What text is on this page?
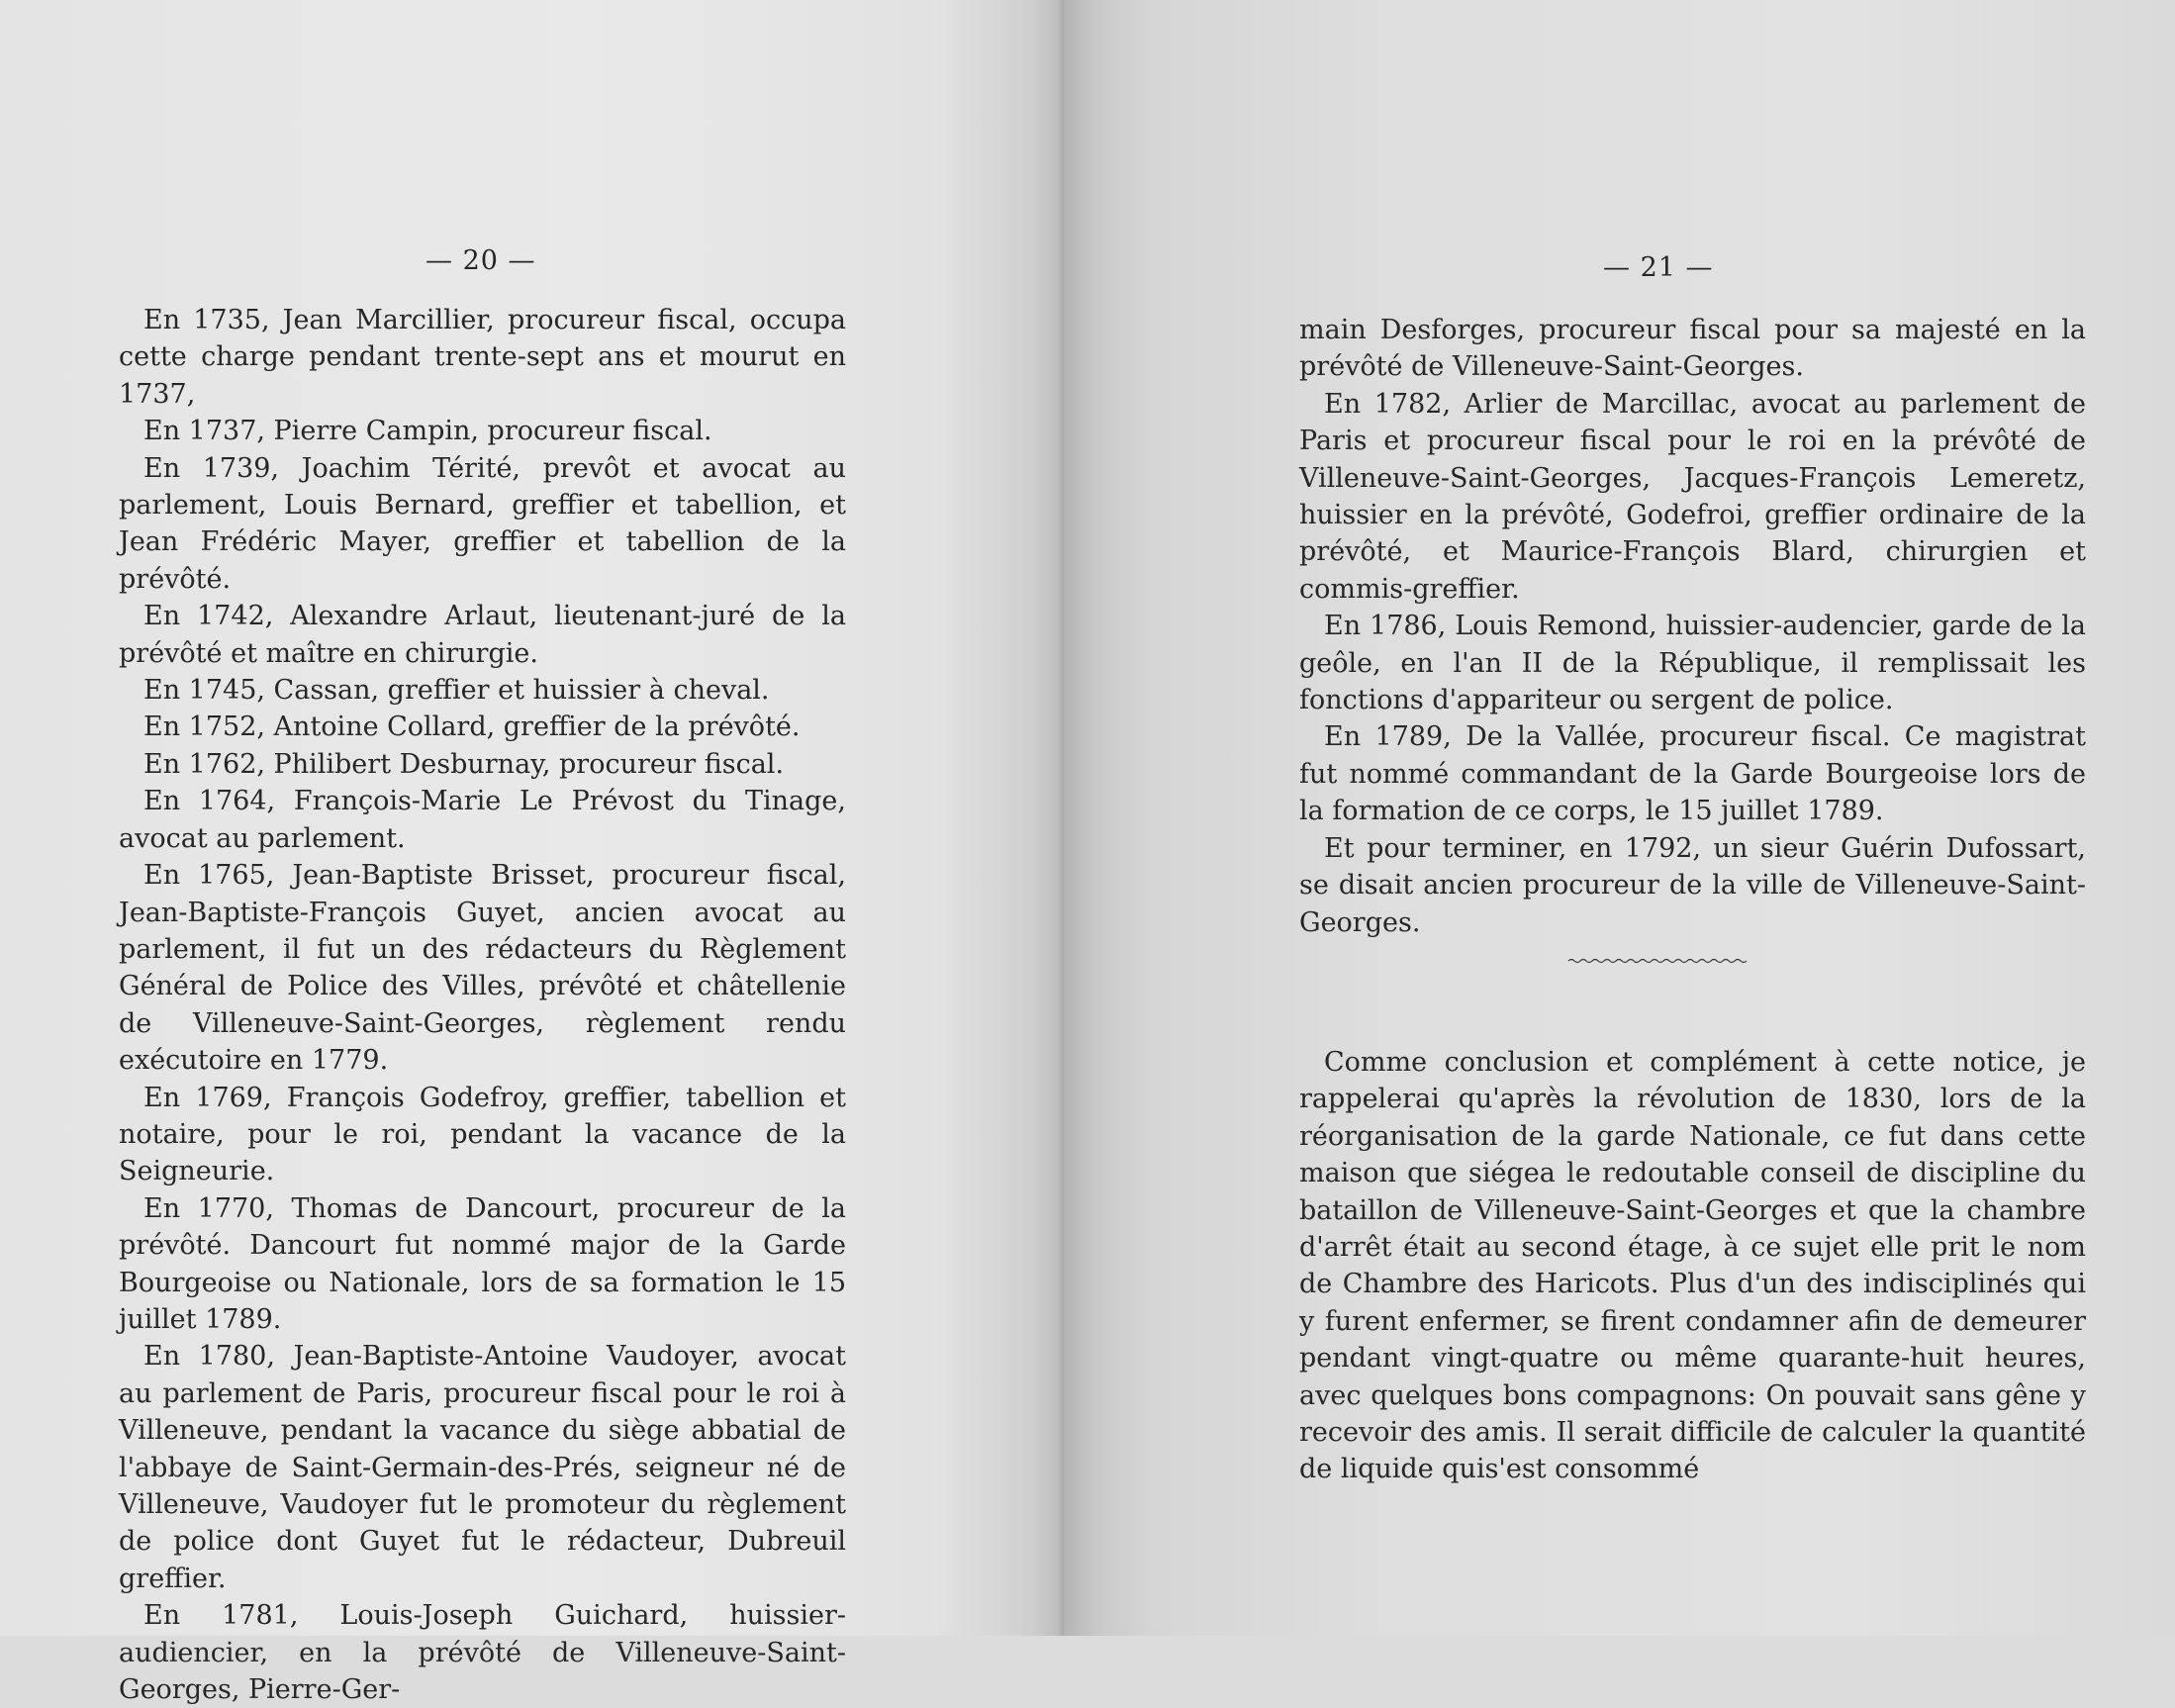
— 20 —

En 1735, Jean Marcillier, procureur fiscal, occupa cette charge pendant trente-sept ans et mourut en 1737,

En 1737, Pierre Campin, procureur fiscal.

En 1739, Joachim Térité, prevôt et avocat au parlement, Louis Bernard, greffier et tabellion, et Jean Frédéric Mayer, greffier et tabellion de la prévôté.

En 1742, Alexandre Arlaut, lieutenant-juré de la prévôté et maître en chirurgie.

En 1745, Cassan, greffier et huissier à cheval.

En 1752, Antoine Collard, greffier de la prévôté.

En 1762, Philibert Desburnay, procureur fiscal.

En 1764, François-Marie Le Prévost du Tinage, avocat au parlement.

En 1765, Jean-Baptiste Brisset, procureur fiscal, Jean-Baptiste-François Guyet, ancien avocat au parlement, il fut un des rédacteurs du Règlement Général de Police des Villes, prévôté et châtellenie de Villeneuve-Saint-Georges, règlement rendu exécutoire en 1779.

En 1769, François Godefroy, greffier, tabellion et notaire, pour le roi, pendant la vacance de la Seigneurie.

En 1770, Thomas de Dancourt, procureur de la prévôté. Dancourt fut nommé major de la Garde Bourgeoise ou Nationale, lors de sa formation le 15 juillet 1789.

En 1780, Jean-Baptiste-Antoine Vaudoyer, avocat au parlement de Paris, procureur fiscal pour le roi à Villeneuve, pendant la vacance du siège abbatial de l'abbaye de Saint-Germain-des-Prés, seigneur né de Villeneuve, Vaudoyer fut le promoteur du règlement de police dont Guyet fut le rédacteur, Dubreuil greffier.

En 1781, Louis-Joseph Guichard, huissier-audiencier, en la prévôté de Villeneuve-Saint-Georges, Pierre-Ger-

— 21 —

main Desforges, procureur fiscal pour sa majesté en la prévôté de Villeneuve-Saint-Georges.

En 1782, Arlier de Marcillac, avocat au parlement de Paris et procureur fiscal pour le roi en la prévôté de Villeneuve-Saint-Georges, Jacques-François Lemeretz, huissier en la prévôté, Godefroi, greffier ordinaire de la prévôté, et Maurice-François Blard, chirurgien et commis-greffier.

En 1786, Louis Remond, huissier-audencier, garde de la geôle, en l'an II de la République, il remplissait les fonctions d'appariteur ou sergent de police.

En 1789, De la Vallée, procureur fiscal. Ce magistrat fut nommé commandant de la Garde Bourgeoise lors de la formation de ce corps, le 15 juillet 1789.

Et pour terminer, en 1792, un sieur Guérin Dufossart, se disait ancien procureur de la ville de Villeneuve-Saint-Georges.

Comme conclusion et complément à cette notice, je rappelerai qu'après la révolution de 1830, lors de la réorganisation de la garde Nationale, ce fut dans cette maison que siégea le redoutable conseil de discipline du bataillon de Villeneuve-Saint-Georges et que la chambre d'arrêt était au second étage, à ce sujet elle prit le nom de Chambre des Haricots. Plus d'un des indisciplinés qui y furent enfermer, se firent condamner afin de demeurer pendant vingt-quatre ou même quarante-huit heures, avec quelques bons compagnons: On pouvait sans gêne y recevoir des amis. Il serait difficile de calculer la quantité de liquide quis'est consommé
